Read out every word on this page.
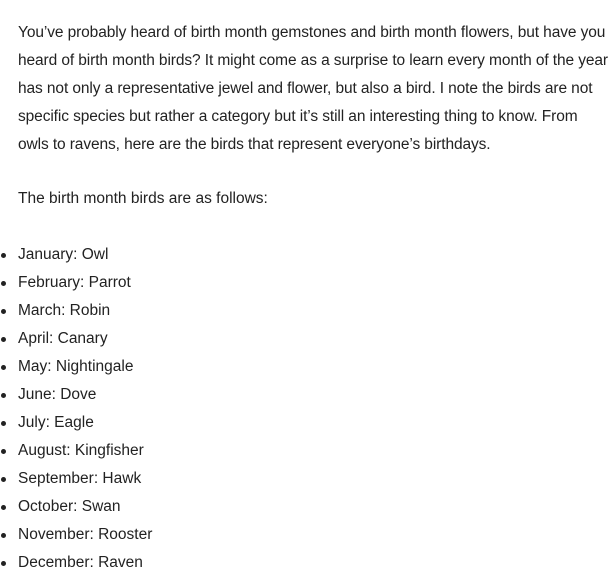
You’ve probably heard of birth month gemstones and birth month flowers, but have you heard of birth month birds? It might come as a surprise to learn every month of the year has not only a representative jewel and flower, but also a bird. I note the birds are not specific species but rather a category but it’s still an interesting thing to know. From owls to ravens, here are the birds that represent everyone’s birthdays.

The birth month birds are as follows:

January: Owl
February: Parrot
March: Robin
April: Canary
May: Nightingale
June: Dove
July: Eagle
August: Kingfisher
September: Hawk
October: Swan
November: Rooster
December: Raven
